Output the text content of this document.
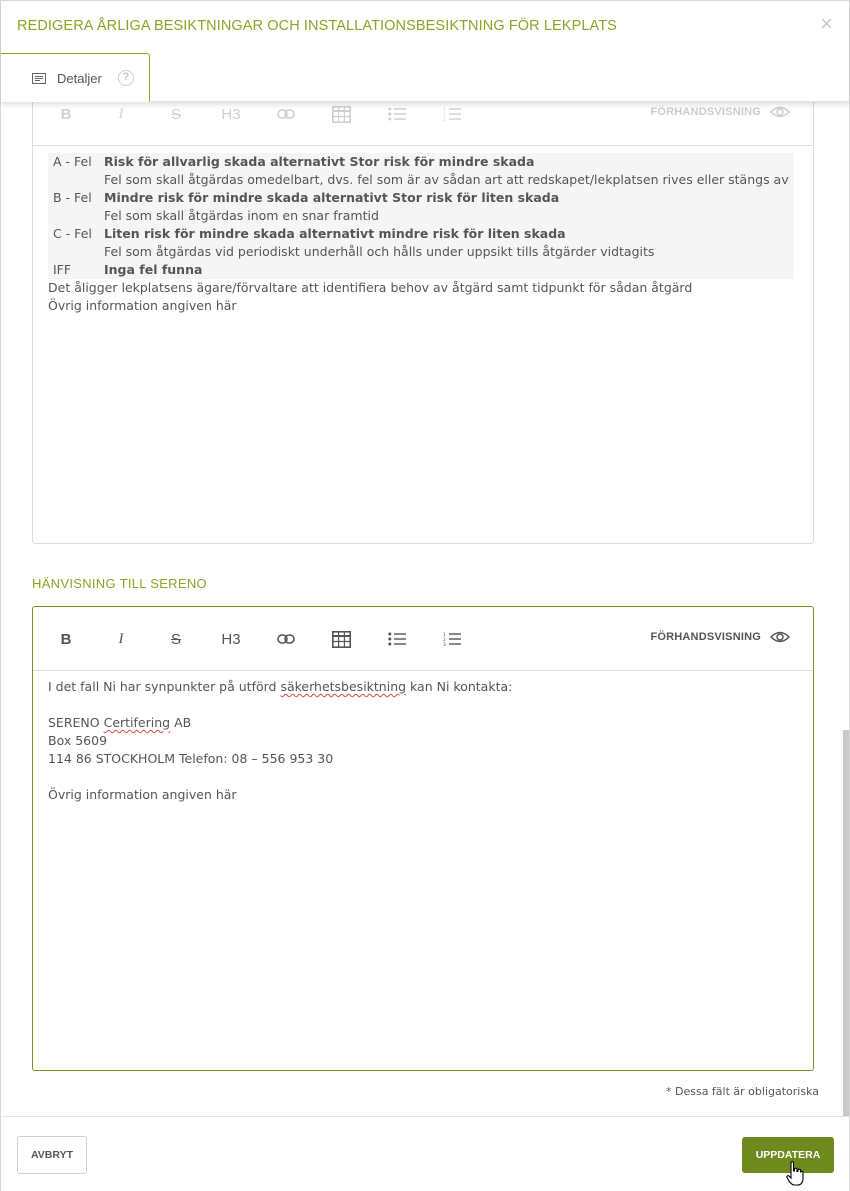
REDIGERA ÅRLIGA BESIKTNINGAR OCH INSTALLATIONSBESIKTNING FÖR LEKPLATS	×
Detaljer	?
B	I	S	H3	1
2
3
FÖRHANDSVISNING
A - Fel	Risk för allvarlig skada alternativt Stor risk för mindre skada
	Fel som skall åtgärdas omedelbart, dvs. fel som är av sådan art att redskapet/lekplatsen rives eller stängs av
B - Fel	Mindre risk för mindre skada alternativt Stor risk för liten skada
	Fel som skall åtgärdas inom en snar framtid
C - Fel	Liten risk för mindre skada alternativt mindre risk för liten skada
	Fel som åtgärdas vid periodiskt underhåll och hålls under uppsikt tills åtgärder vidtagits
IFF	Inga fel funna

Det åligger lekplatsens ägare/förvaltare att identifiera behov av åtgärd samt tidpunkt för sådan åtgärd

Övrig information angiven här

HÄNVISNING TILL SERENO
B	I	S	H3	1
2
3
FÖRHANDSVISNING

I det fall Ni har synpunkter på utförd säkerhetsbesiktning kan Ni kontakta:

SERENO Certifering AB

Box 5609

114 86 STOCKHOLM Telefon: 08 – 556 953 30

Övrig information angiven här

* Dessa fält är obligatoriska
AVBRYT	UPPDATERA
